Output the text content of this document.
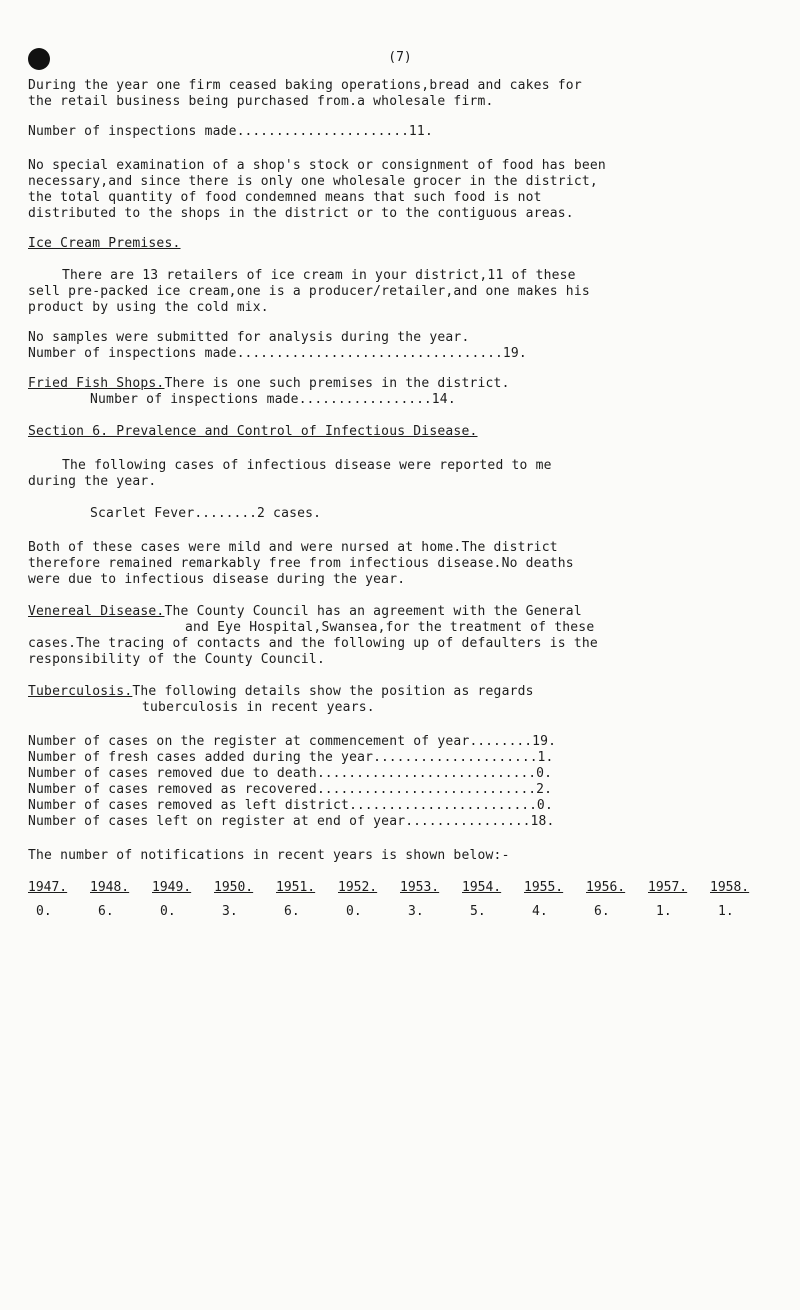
(7)
During the year one firm ceased baking operations,bread and cakes for
the retail business being purchased from.a wholesale firm.
Number of inspections made......................11.
No special examination of a shop's stock or consignment of food has been
necessary,and since there is only one wholesale grocer in the district,
the total quantity of food condemned means that such food is not
distributed to the shops in the district or to the contiguous areas.
Ice Cream Premises.
There are 13 retailers of ice cream in your district,11 of these
sell pre-packed ice cream,one is a producer/retailer,and one makes his
product by using the cold mix.
No samples were submitted for analysis during the year.
Number of inspections made..................................19.
Fried Fish Shops.There is one such premises in the district.
Number of inspections made.................14.
Section 6. Prevalence and Control of Infectious Disease.
The following cases of infectious disease were reported to me
during the year.
Scarlet Fever........2 cases.
Both of these cases were mild and were nursed at home.The district
therefore remained remarkably free from infectious disease.No deaths
were due to infectious disease during the year.
Venereal Disease.The County Council has an agreement with the General
and Eye Hospital,Swansea,for the treatment of these
cases.The tracing of contacts and the following up of defaulters is the
responsibility of the County Council.
Tuberculosis.The following details show the position as regards
tuberculosis in recent years.
Number of cases on the register at commencement of year........19.
Number of fresh cases added during the year.....................1.
Number of cases removed due to death............................0.
Number of cases removed as recovered............................2.
Number of cases removed as left district........................0.
Number of cases left on register at end of year................18.
The number of notifications in recent years is shown below:-
1947. 1948. 1949. 1950. 1951. 1952. 1953. 1954. 1955. 1956. 1957. 1958.
0.	6.	0.	3.	6.	0.	3.	5.	4.	6.	1.	1.
